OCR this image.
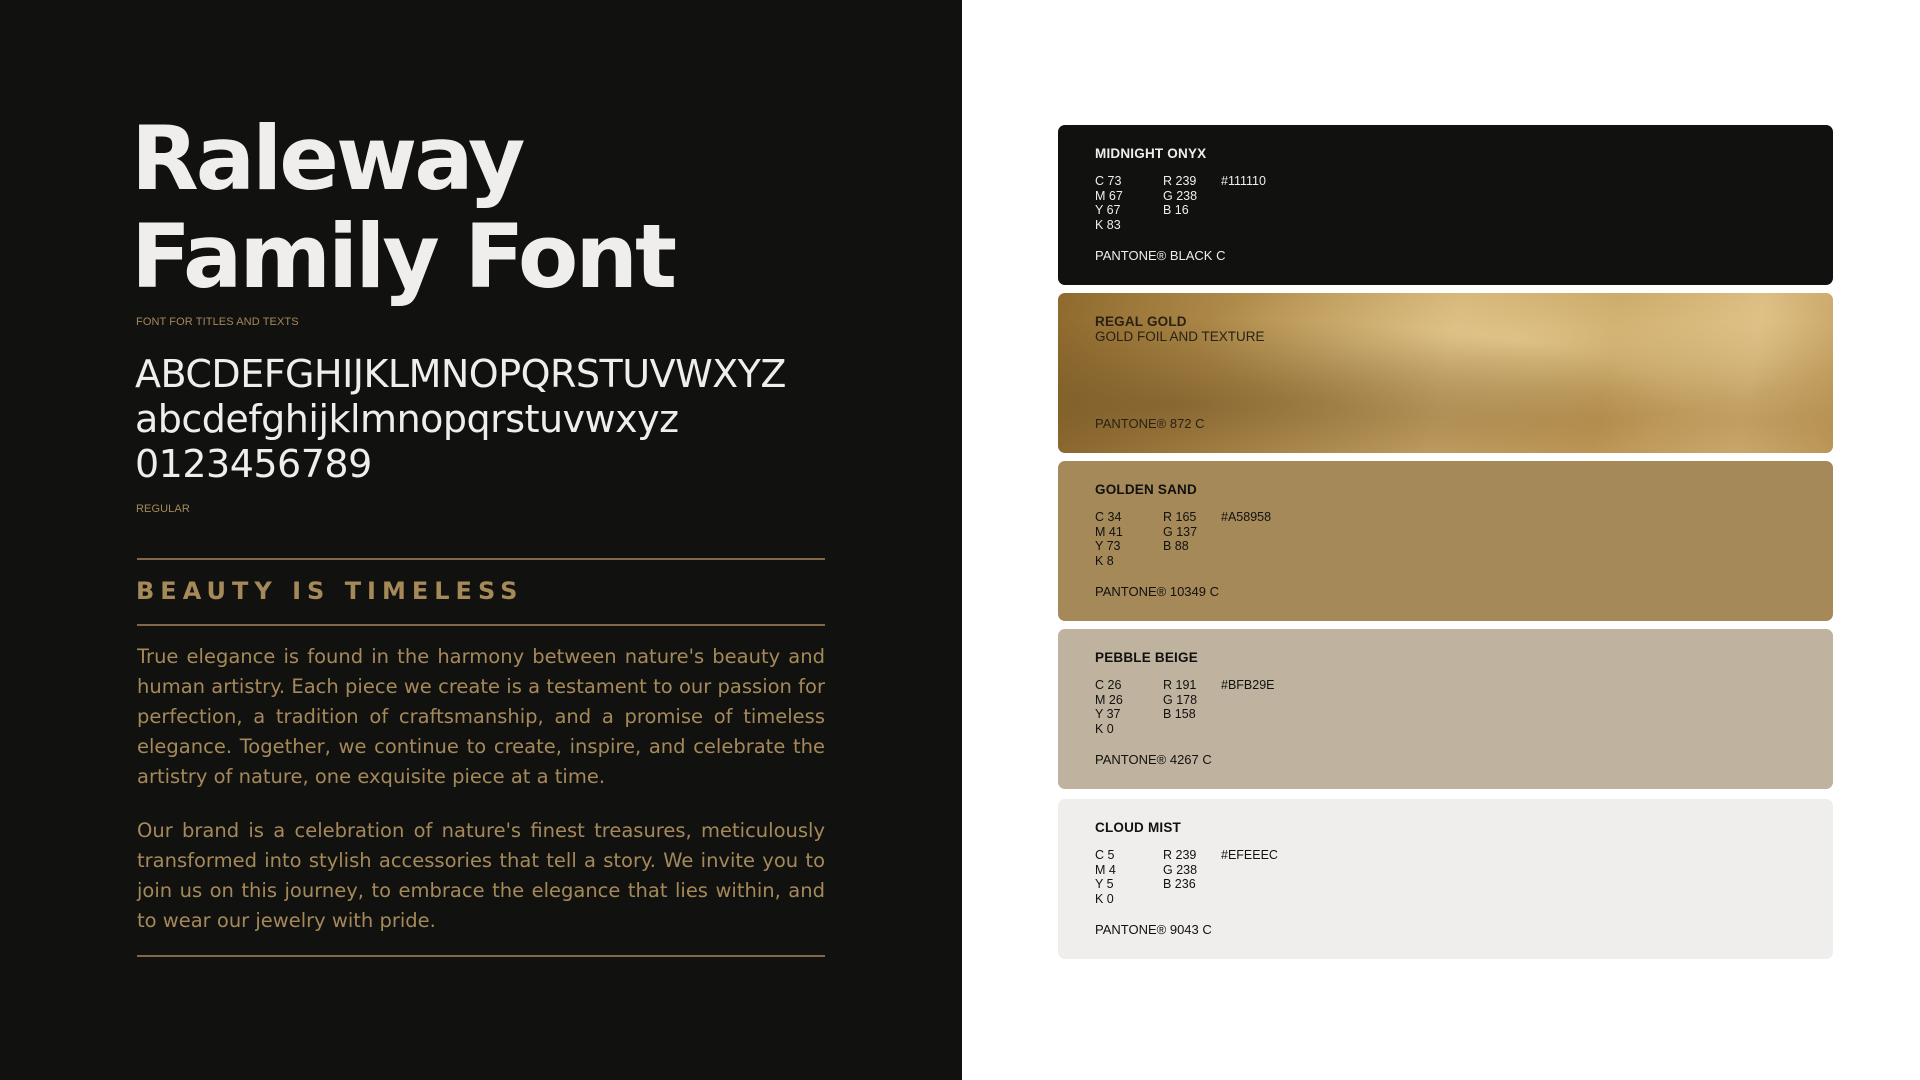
Raleway
Family Font
FONT FOR TITLES AND TEXTS
ABCDEFGHIJKLMNOPQRSTUVWXYZ
abcdefghijklmnopqrstuvwxyz
0123456789
REGULAR
BEAUTY IS TIMELESS

True elegance is found in the harmony between nature's beauty and human artistry. Each piece we create is a testament to our passion for perfection, a tradition of craftsmanship, and a promise of timeless elegance. Together, we continue to create, inspire, and celebrate the artistry of nature, one exquisite piece at a time.

Our brand is a celebration of nature's finest treasures, meticulously transformed into stylish accessories that tell a story. We invite you to join us on this journey, to embrace the elegance that lies within, and to wear our jewelry with pride.

MIDNIGHT ONYX
C 73
M 67
Y 67
K 83
R 239
G 238
B 16
#111110
PANTONE® BLACK C
REGAL GOLD
GOLD FOIL AND TEXTURE
PANTONE® 872 C
GOLDEN SAND
C 34
M 41
Y 73
K 8
R 165
G 137
B 88
#A58958
PANTONE® 10349 C
PEBBLE BEIGE
C 26
M 26
Y 37
K 0
R 191
G 178
B 158
#BFB29E
PANTONE® 4267 C
CLOUD MIST
C 5
M 4
Y 5
K 0
R 239
G 238
B 236
#EFEEEC
PANTONE® 9043 C
